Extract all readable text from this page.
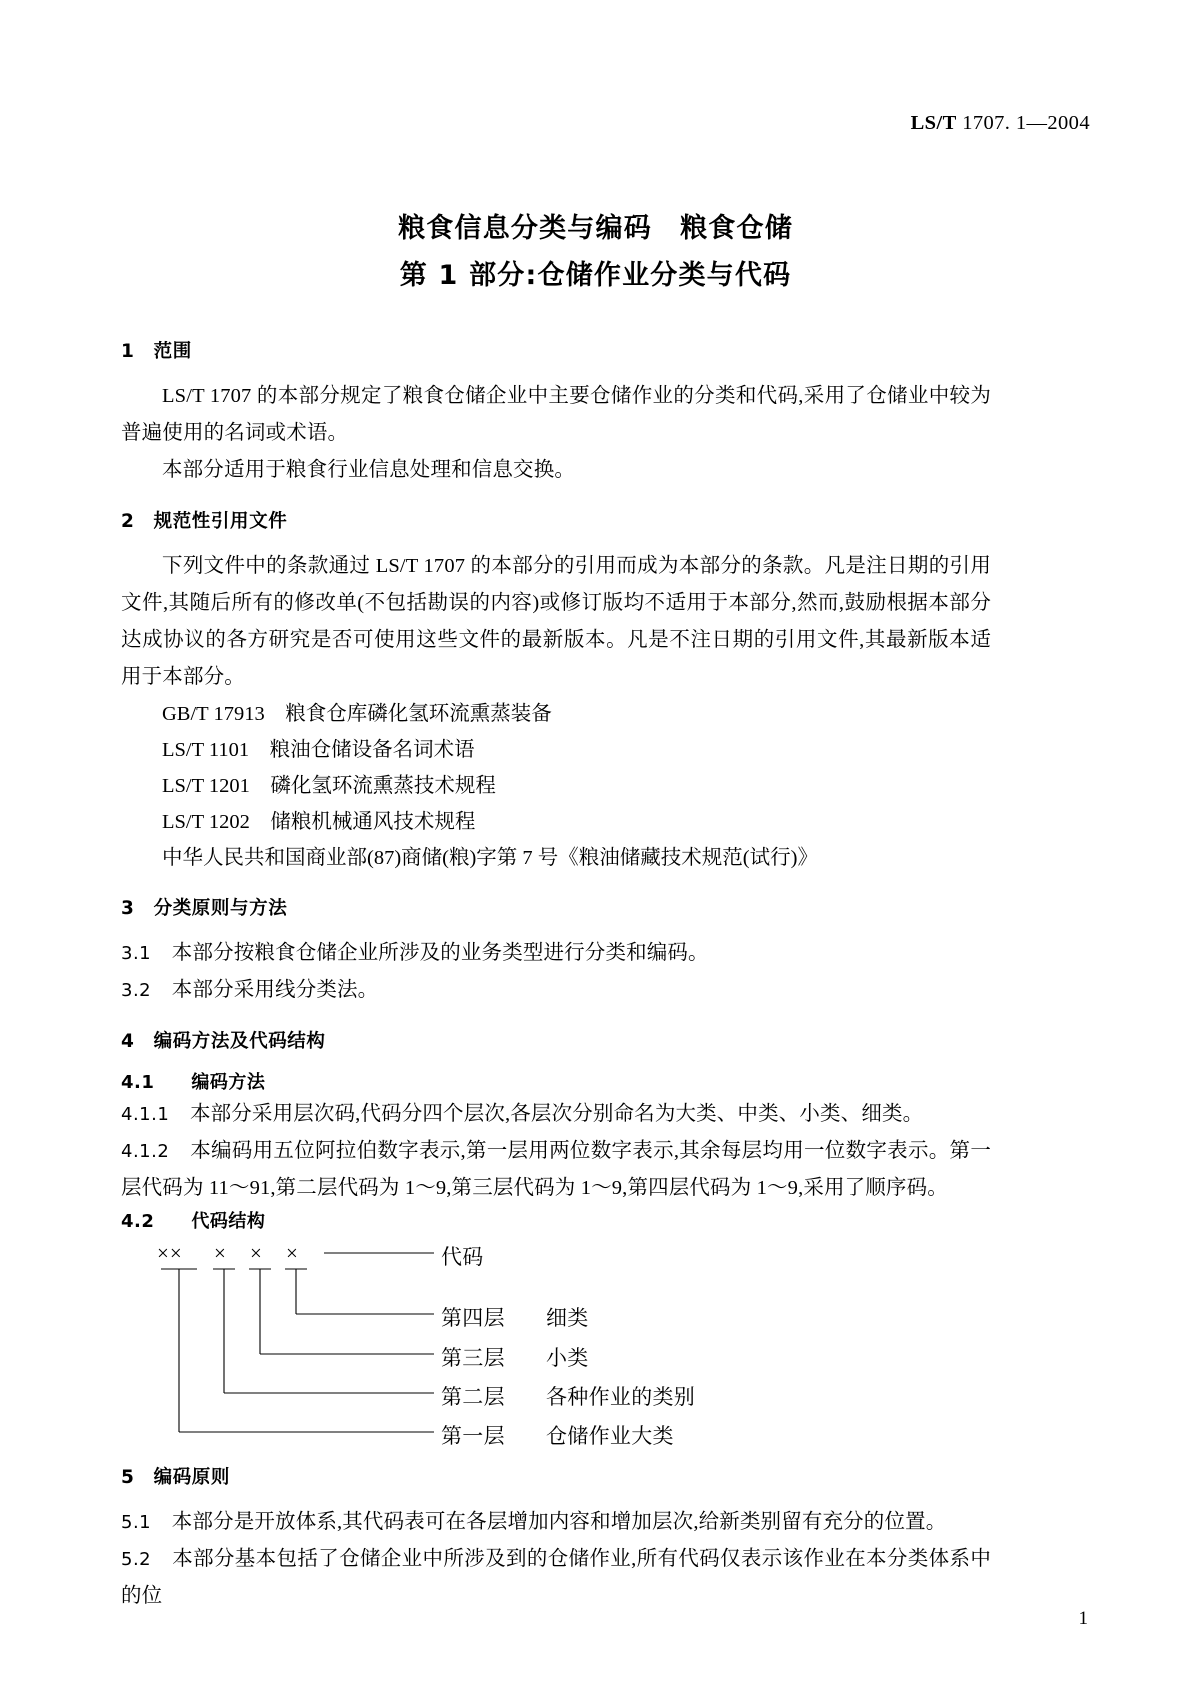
LS/T 1707. 1—2004
粮食信息分类与编码　粮食仓储
第 1 部分:仓储作业分类与代码
1　 范围

LS/T 1707 的本部分规定了粮食仓储企业中主要仓储作业的分类和代码,采用了仓储业中较为普遍使用的名词或术语。

本部分适用于粮食行业信息处理和信息交换。

2　 规范性引用文件

下列文件中的条款通过 LS/T 1707 的本部分的引用而成为本部分的条款。凡是注日期的引用文件,其随后所有的修改单(不包括勘误的内容)或修订版均不适用于本部分,然而,鼓励根据本部分达成协议的各方研究是否可使用这些文件的最新版本。凡是不注日期的引用文件,其最新版本适用于本部分。

GB/T 17913　粮食仓库磷化氢环流熏蒸装备
LS/T 1101　粮油仓储设备名词术语
LS/T 1201　磷化氢环流熏蒸技术规程
LS/T 1202　储粮机械通风技术规程
中华人民共和国商业部(87)商储(粮)字第 7 号《粮油储藏技术规范(试行)》
3　 分类原则与方法

3.1　 本部分按粮食仓储企业所涉及的业务类型进行分类和编码。

3.2　 本部分采用线分类法。

4　 编码方法及代码结构
4.1　　 编码方法

4.1.1　 本部分采用层次码,代码分四个层次,各层次分别命名为大类、中类、小类、细类。

4.1.2　 本编码用五位阿拉伯数字表示,第一层用两位数字表示,其余每层均用一位数字表示。第一层代码为 11～91,第二层代码为 1～9,第三层代码为 1～9,第四层代码为 1～9,采用了顺序码。

4.2　　 代码结构
×× × × ×	代码
第四层 细类
第三层 小类
第二层 各种作业的类别
第一层 仓储作业大类
5　 编码原则

5.1　 本部分是开放体系,其代码表可在各层增加内容和增加层次,给新类别留有充分的位置。

5.2　 本部分基本包括了仓储企业中所涉及到的仓储作业,所有代码仅表示该作业在本分类体系中的位

1
